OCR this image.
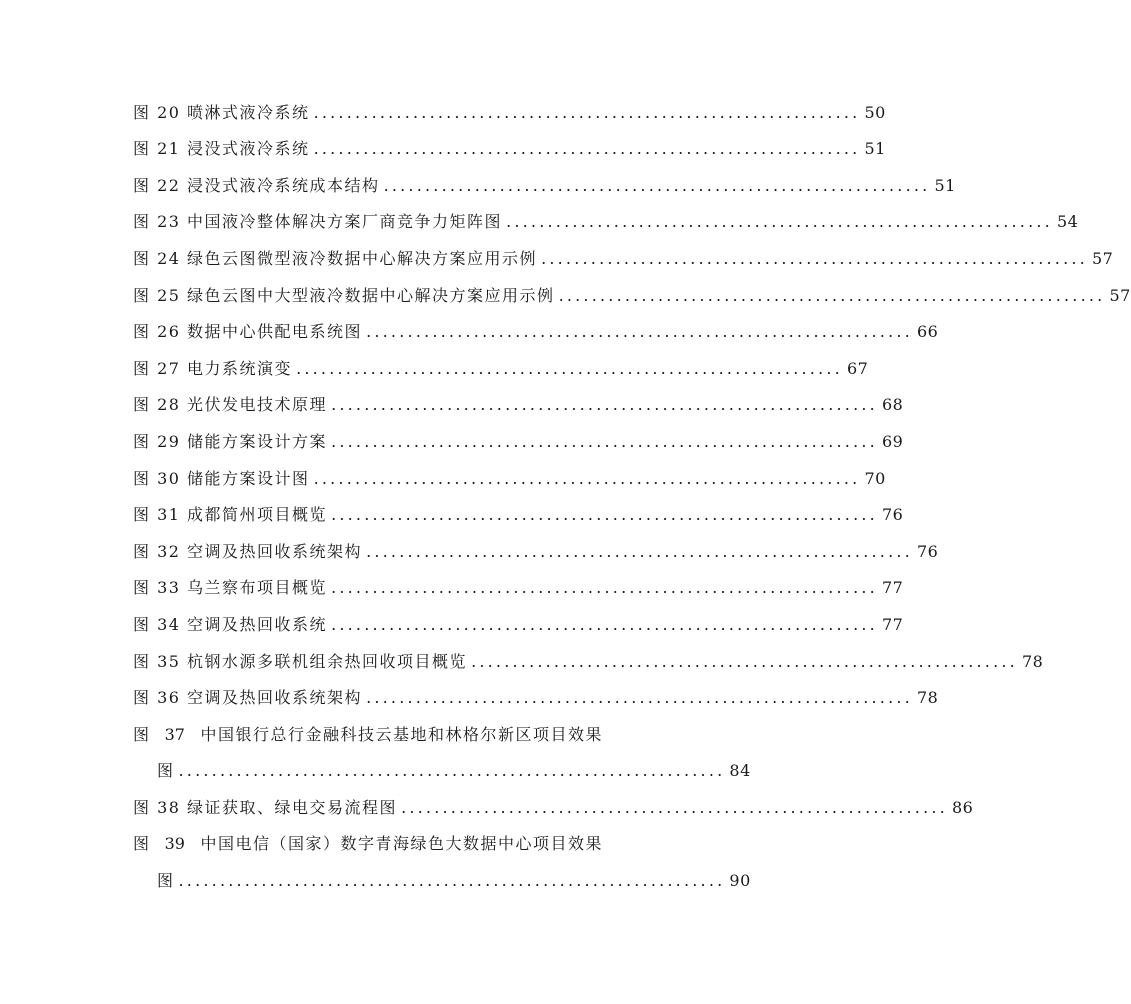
图 20 喷淋式液冷系统 .................................................................. 50
图 21 浸没式液冷系统 .................................................................. 51
图 22 浸没式液冷系统成本结构 .................................................................. 51
图 23 中国液冷整体解决方案厂商竞争力矩阵图 .................................................................. 54
图 24 绿色云图微型液冷数据中心解决方案应用示例 .................................................................. 57
图 25 绿色云图中大型液冷数据中心解决方案应用示例 .................................................................. 57
图 26 数据中心供配电系统图 .................................................................. 66
图 27 电力系统演变 .................................................................. 67
图 28 光伏发电技术原理 .................................................................. 68
图 29 储能方案设计方案 .................................................................. 69
图 30 储能方案设计图 .................................................................. 70
图 31 成都简州项目概览 .................................................................. 76
图 32 空调及热回收系统架构 .................................................................. 76
图 33 乌兰察布项目概览 .................................................................. 77
图 34 空调及热回收系统 .................................................................. 77
图 35 杭钢水源多联机组余热回收项目概览 .................................................................. 78
图 36 空调及热回收系统架构 .................................................................. 78
图 37 中国银行总行金融科技云基地和林格尔新区项目效果
图 .................................................................. 84
图 38 绿证获取、绿电交易流程图 .................................................................. 86
图 39 中国电信（国家）数字青海绿色大数据中心项目效果
图 .................................................................. 90
